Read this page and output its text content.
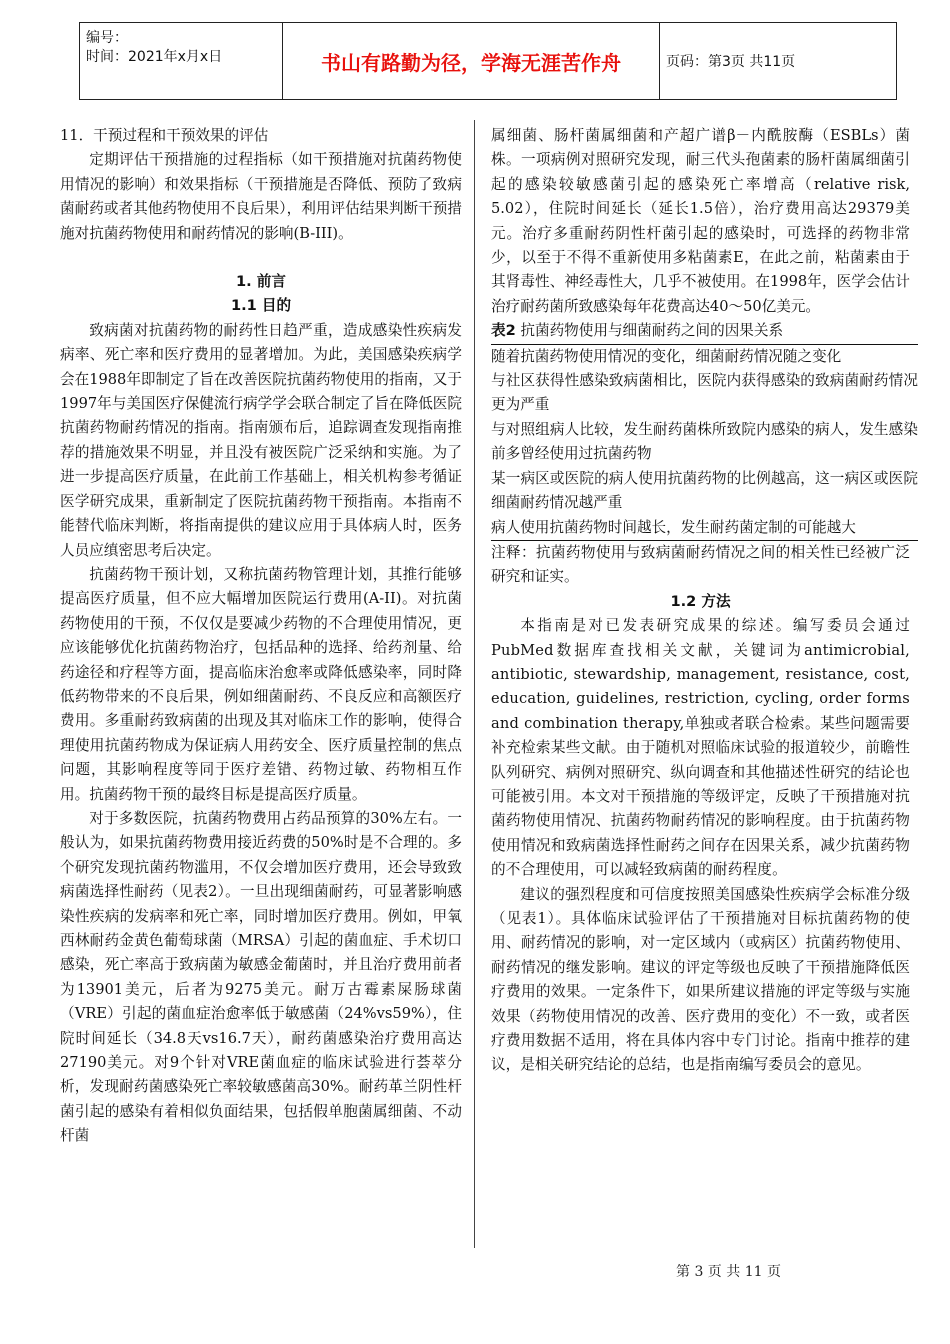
编号：
时间：2021年x月x日	书山有路勤为径，学海无涯苦作舟	页码：第3页 共11页

11．干预过程和干预效果的评估

定期评估干预措施的过程指标（如干预措施对抗菌药物使用情况的影响）和效果指标（干预措施是否降低、预防了致病菌耐药或者其他药物使用不良后果），利用评估结果判断干预措施对抗菌药物使用和耐药情况的影响(B-III)。

1. 前言

1.1 目的

致病菌对抗菌药物的耐药性日趋严重，造成感染性疾病发病率、死亡率和医疗费用的显著增加。为此，美国感染疾病学会在1988年即制定了旨在改善医院抗菌药物使用的指南，又于1997年与美国医疗保健流行病学学会联合制定了旨在降低医院抗菌药物耐药情况的指南。指南颁布后，追踪调查发现指南推荐的措施效果不明显，并且没有被医院广泛采纳和实施。为了进一步提高医疗质量，在此前工作基础上，相关机构参考循证医学研究成果，重新制定了医院抗菌药物干预指南。本指南不能替代临床判断，将指南提供的建议应用于具体病人时，医务人员应缜密思考后决定。

抗菌药物干预计划，又称抗菌药物管理计划，其推行能够提高医疗质量，但不应大幅增加医院运行费用(A-II)。对抗菌药物使用的干预，不仅仅是要减少药物的不合理使用情况，更应该能够优化抗菌药物治疗，包括品种的选择、给药剂量、给药途径和疗程等方面，提高临床治愈率或降低感染率，同时降低药物带来的不良后果，例如细菌耐药、不良反应和高额医疗费用。多重耐药致病菌的出现及其对临床工作的影响，使得合理使用抗菌药物成为保证病人用药安全、医疗质量控制的焦点问题，其影响程度等同于医疗差错、药物过敏、药物相互作用。抗菌药物干预的最终目标是提高医疗质量。

对于多数医院，抗菌药物费用占药品预算的30%左右。一般认为，如果抗菌药物费用接近药费的50%时是不合理的。多个研究发现抗菌药物滥用，不仅会增加医疗费用，还会导致致病菌选择性耐药（见表2）。一旦出现细菌耐药，可显著影响感染性疾病的发病率和死亡率，同时增加医疗费用。例如，甲氧西林耐药金黄色葡萄球菌（MRSA）引起的菌血症、手术切口感染，死亡率高于致病菌为敏感金葡菌时，并且治疗费用前者为13901美元，后者为9275美元。耐万古霉素屎肠球菌（VRE）引起的菌血症治愈率低于敏感菌（24%vs59%），住院时间延长（34.8天vs16.7天），耐药菌感染治疗费用高达27190美元。对9个针对VRE菌血症的临床试验进行荟萃分析，发现耐药菌感染死亡率较敏感菌高30%。耐药革兰阴性杆菌引起的感染有着相似负面结果，包括假单胞菌属细菌、不动杆菌

属细菌、肠杆菌属细菌和产超广谱β－内酰胺酶（ESBLs）菌株。一项病例对照研究发现，耐三代头孢菌素的肠杆菌属细菌引起的感染较敏感菌引起的感染死亡率增高（relative risk, 5.02），住院时间延长（延长1.5倍），治疗费用高达29379美元。治疗多重耐药阴性杆菌引起的感染时，可选择的药物非常少，以至于不得不重新使用多粘菌素E，在此之前，粘菌素由于其肾毒性、神经毒性大，几乎不被使用。在1998年，医学会估计治疗耐药菌所致感染每年花费高达40～50亿美元。

表2 抗菌药物使用与细菌耐药之间的因果关系

随着抗菌药物使用情况的变化，细菌耐药情况随之变化

与社区获得性感染致病菌相比，医院内获得感染的致病菌耐药情况更为严重

与对照组病人比较，发生耐药菌株所致院内感染的病人，发生感染前多曾经使用过抗菌药物

某一病区或医院的病人使用抗菌药物的比例越高，这一病区或医院细菌耐药情况越严重

病人使用抗菌药物时间越长，发生耐药菌定制的可能越大

注释：抗菌药物使用与致病菌耐药情况之间的相关性已经被广泛研究和证实。

1.2 方法

本指南是对已发表研究成果的综述。编写委员会通过PubMed数据库查找相关文献，关键词为antimicrobial, antibiotic, stewardship, management, resistance, cost, education, guidelines, restriction, cycling, order forms and combination therapy,单独或者联合检索。某些问题需要补充检索某些文献。由于随机对照临床试验的报道较少，前瞻性队列研究、病例对照研究、纵向调查和其他描述性研究的结论也可能被引用。本文对干预措施的等级评定，反映了干预措施对抗菌药物使用情况、抗菌药物耐药情况的影响程度。由于抗菌药物使用情况和致病菌选择性耐药之间存在因果关系，减少抗菌药物的不合理使用，可以减轻致病菌的耐药程度。

建议的强烈程度和可信度按照美国感染性疾病学会标准分级（见表1）。具体临床试验评估了干预措施对目标抗菌药物的使用、耐药情况的影响，对一定区域内（或病区）抗菌药物使用、耐药情况的继发影响。建议的评定等级也反映了干预措施降低医疗费用的效果。一定条件下，如果所建议措施的评定等级与实施效果（药物使用情况的改善、医疗费用的变化）不一致，或者医疗费用数据不适用，将在具体内容中专门讨论。指南中推荐的建议，是相关研究结论的总结，也是指南编写委员会的意见。

第 3 页 共 11 页
